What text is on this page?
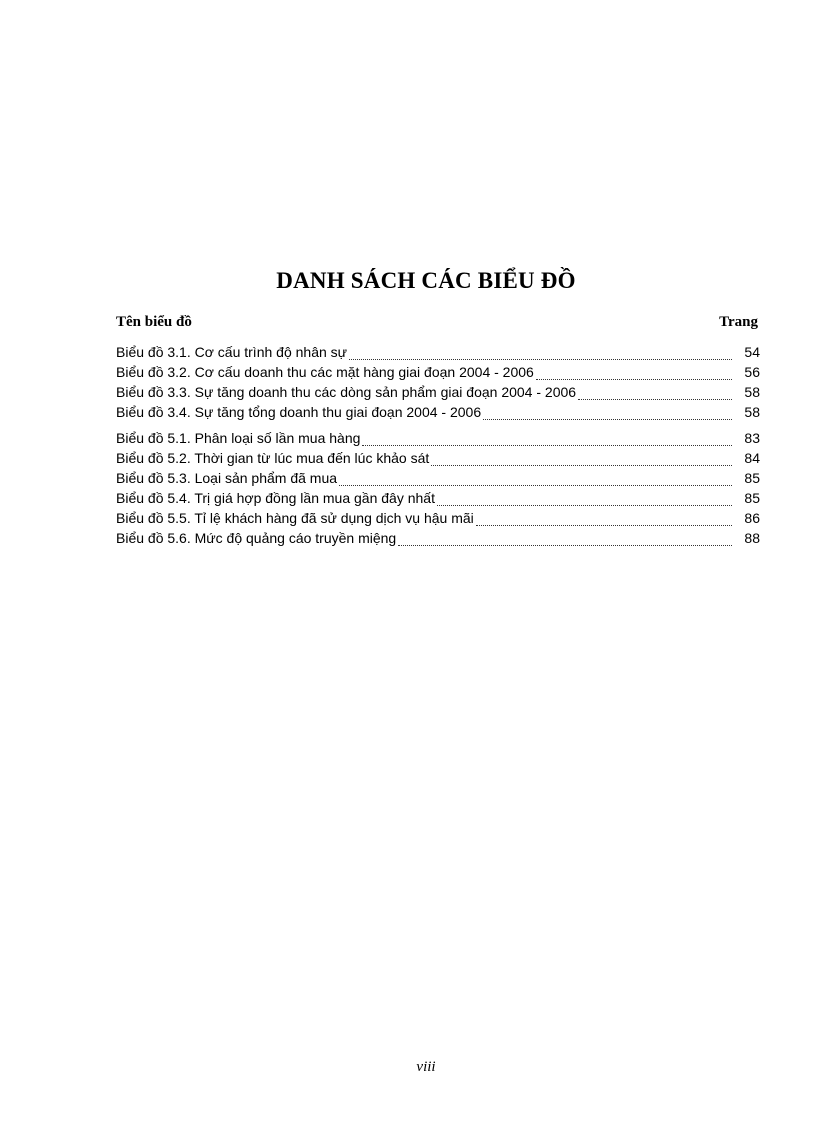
DANH SÁCH CÁC BIỂU ĐỒ
Tên biểu đồ	Trang
Biểu đồ 3.1. Cơ cấu trình độ nhân sự	54
Biểu đồ 3.2. Cơ cấu doanh thu các mặt hàng giai đoạn 2004 - 2006	56
Biểu đồ 3.3. Sự tăng doanh thu các dòng sản phẩm giai đoạn 2004 - 2006	58
Biểu đồ 3.4. Sự tăng tổng doanh thu giai đoạn 2004 - 2006	58
Biểu đồ 5.1. Phân loại số lần mua hàng	83
Biểu đồ 5.2. Thời gian từ lúc mua đến lúc khảo sát	84
Biểu đồ 5.3. Loại sản phẩm đã mua	85
Biểu đồ 5.4. Trị giá hợp đồng lần mua gần đây nhất	85
Biểu đồ 5.5. Tỉ lệ khách hàng đã sử dụng dịch vụ hậu mãi	86
Biểu đồ 5.6. Mức độ quảng cáo truyền miệng	88
viii
